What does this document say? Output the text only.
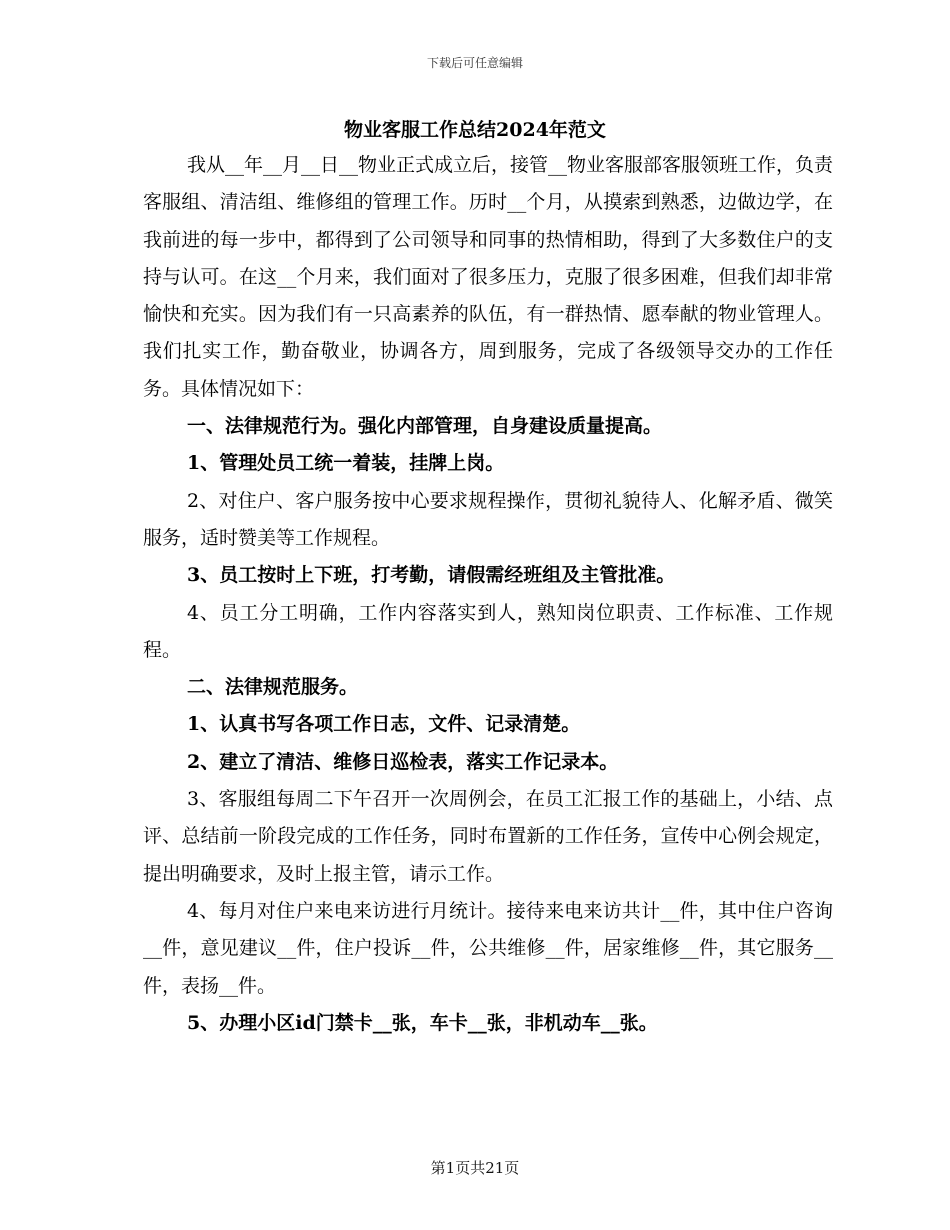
下载后可任意编辑
物业客服工作总结2024年范文

我从__年__月__日__物业正式成立后，接管__物业客服部客服领班工作，负责客服组、清洁组、维修组的管理工作。历时__个月，从摸索到熟悉，边做边学，在我前进的每一步中，都得到了公司领导和同事的热情相助，得到了大多数住户的支持与认可。在这__个月来，我们面对了很多压力，克服了很多困难，但我们却非常愉快和充实。因为我们有一只高素养的队伍，有一群热情、愿奉献的物业管理人。我们扎实工作，勤奋敬业，协调各方，周到服务，完成了各级领导交办的工作任务。具体情况如下：

一、法律规范行为。强化内部管理，自身建设质量提高。

1、管理处员工统一着装，挂牌上岗。

2、对住户、客户服务按中心要求规程操作，贯彻礼貌待人、化解矛盾、微笑服务，适时赞美等工作规程。

3、员工按时上下班，打考勤，请假需经班组及主管批准。

4、员工分工明确，工作内容落实到人，熟知岗位职责、工作标准、工作规程。

二、法律规范服务。

1、认真书写各项工作日志，文件、记录清楚。

2、建立了清洁、维修日巡检表，落实工作记录本。

3、客服组每周二下午召开一次周例会，在员工汇报工作的基础上，小结、点评、总结前一阶段完成的工作任务，同时布置新的工作任务，宣传中心例会规定，提出明确要求，及时上报主管，请示工作。

4、每月对住户来电来访进行月统计。接待来电来访共计__件，其中住户咨询__件，意见建议__件，住户投诉__件，公共维修__件，居家维修__件，其它服务__件，表扬__件。

5、办理小区id门禁卡__张，车卡__张，非机动车__张。

第1页共21页
